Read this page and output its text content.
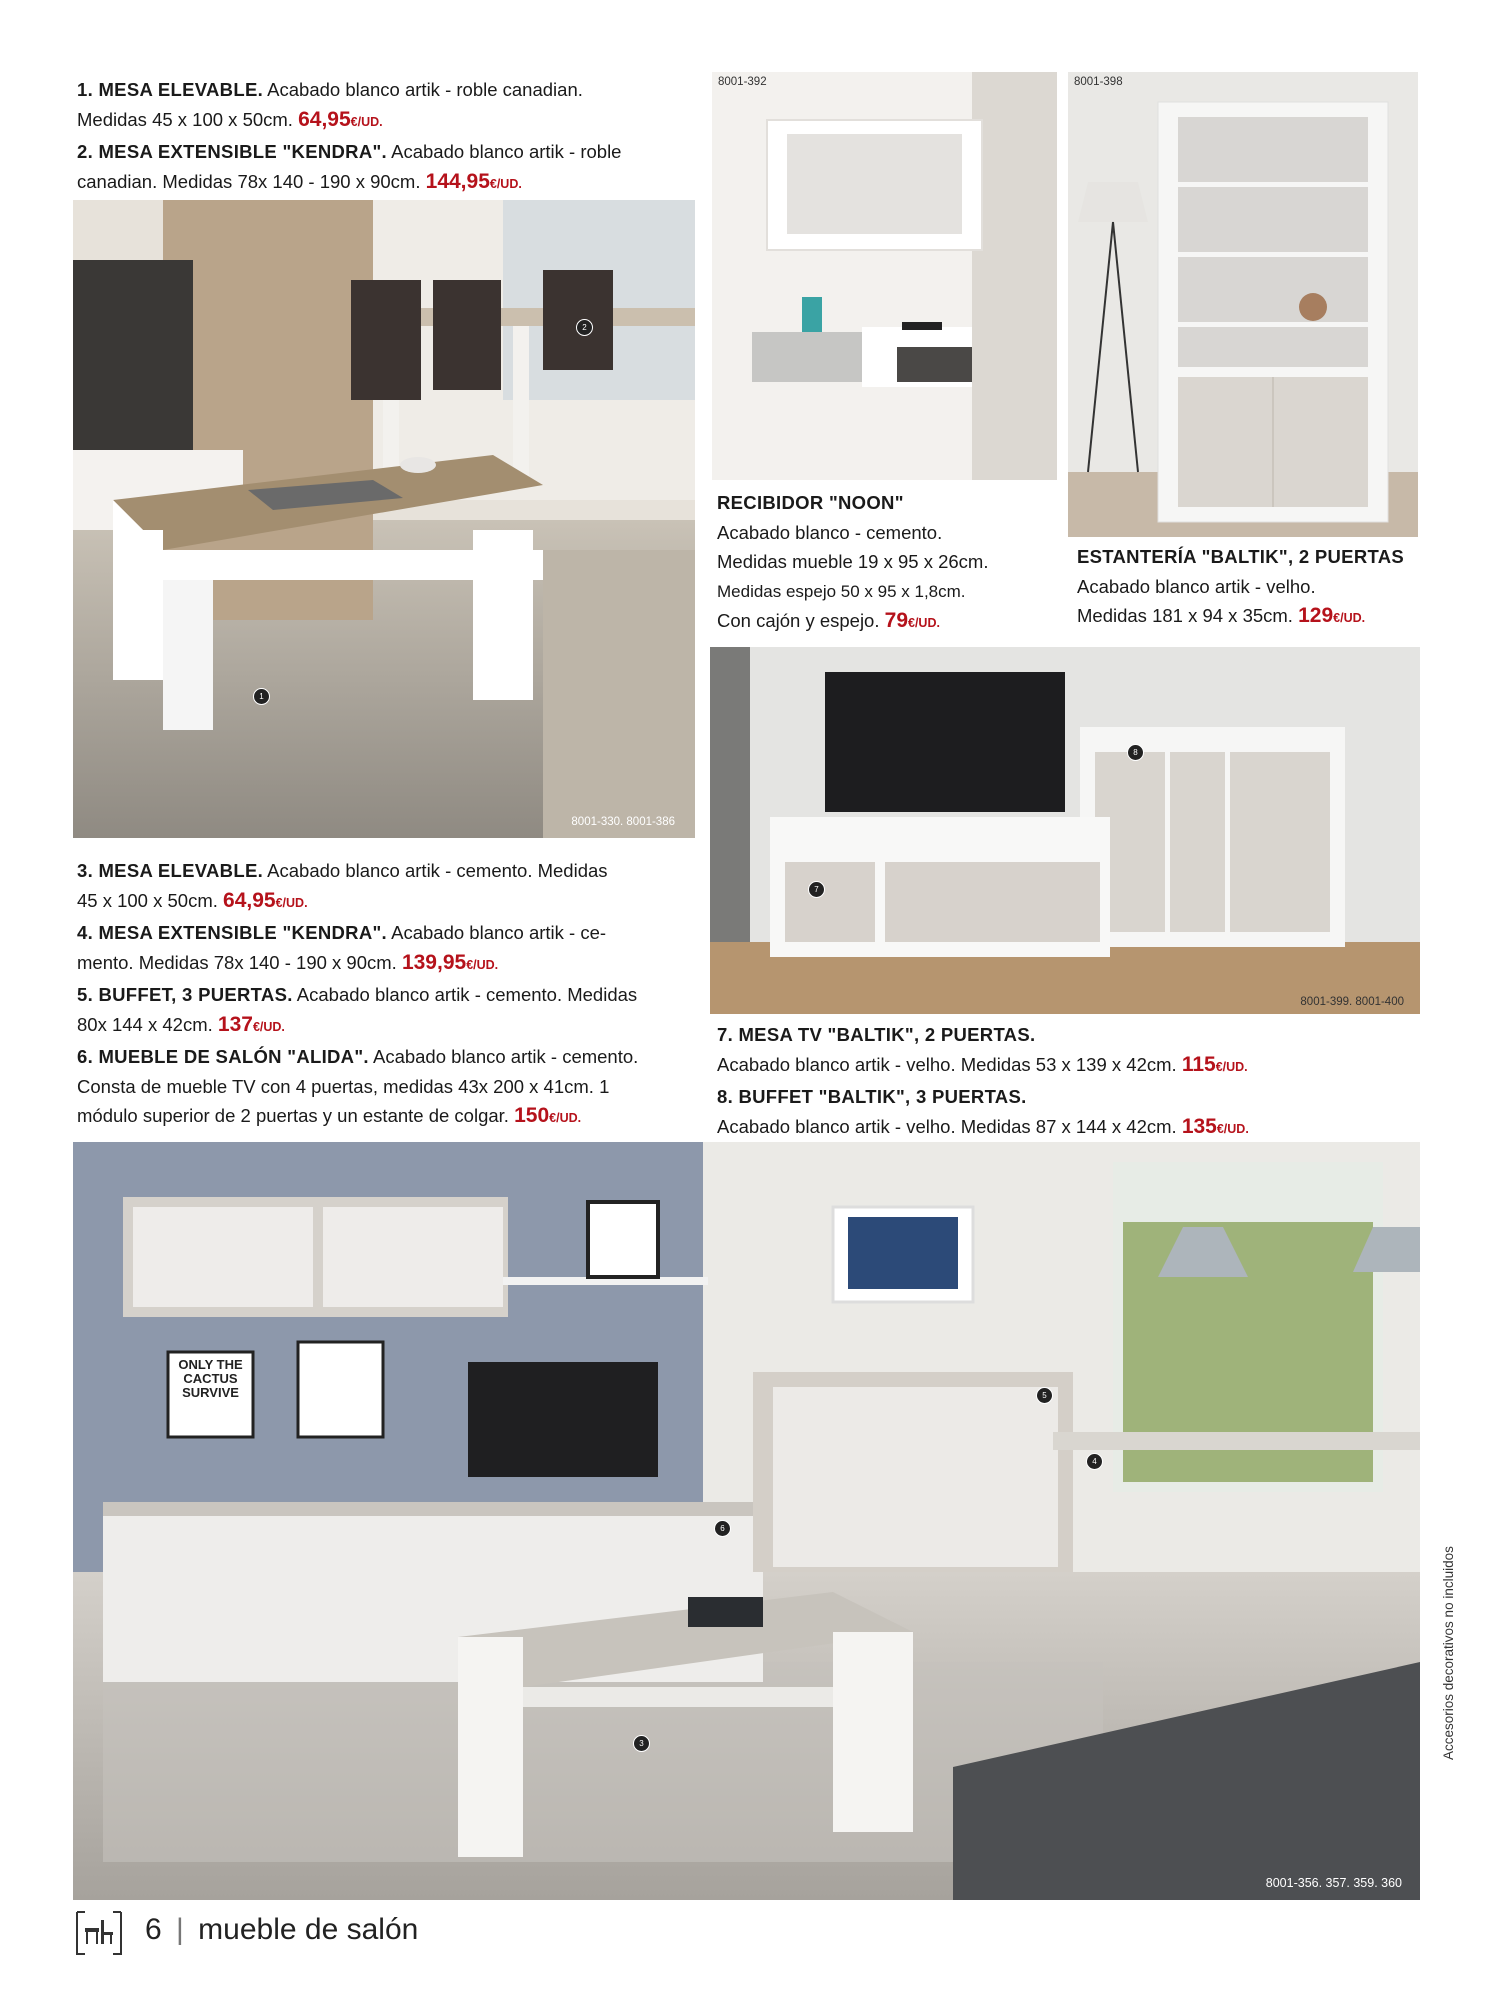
1. MESA ELEVABLE. Acabado blanco artik - roble canadian.
Medidas 45 x 100 x 50cm. 64,95€/UD.
2. MESA EXTENSIBLE "KENDRA". Acabado blanco artik - roble
canadian. Medidas 78x 140 - 190 x 90cm. 144,95€/UD.
1
2
8001-330. 8001-386
8001-392	8001-398
RECIBIDOR "NOON"
Acabado blanco - cemento.
Medidas mueble 19 x 95 x 26cm.
Medidas espejo 50 x 95 x 1,8cm.
Con cajón y espejo. 79€/UD.
ESTANTERÍA "BALTIK", 2 PUERTAS
Acabado blanco artik - velho.
Medidas 181 x 94 x 35cm. 129€/UD.
7
8
8001-399. 8001-400
3. MESA ELEVABLE. Acabado blanco artik - cemento. Medidas
45 x 100 x 50cm. 64,95€/UD.
4. MESA EXTENSIBLE "KENDRA". Acabado blanco artik - ce-
mento. Medidas 78x 140 - 190 x 90cm. 139,95€/UD.
5. BUFFET, 3 PUERTAS. Acabado blanco artik - cemento. Medidas
80x 144 x 42cm. 137€/UD.
6. MUEBLE DE SALÓN "ALIDA". Acabado blanco artik - cemento.
Consta de mueble TV con 4 puertas, medidas 43x 200 x 41cm. 1
módulo superior de 2 puertas y un estante de colgar. 150€/UD.
7. MESA TV "BALTIK", 2 PUERTAS.
Acabado blanco artik - velho. Medidas 53 x 139 x 42cm. 115€/UD.
8. BUFFET "BALTIK", 3 PUERTAS.
Acabado blanco artik - velho. Medidas 87 x 144 x 42cm. 135€/UD.
ONLY THE CACTUS SURVIVE
3
4
5
6
8001-356. 357. 359. 360
Accesorios decorativos no incluidos
6 | mueble de salón
